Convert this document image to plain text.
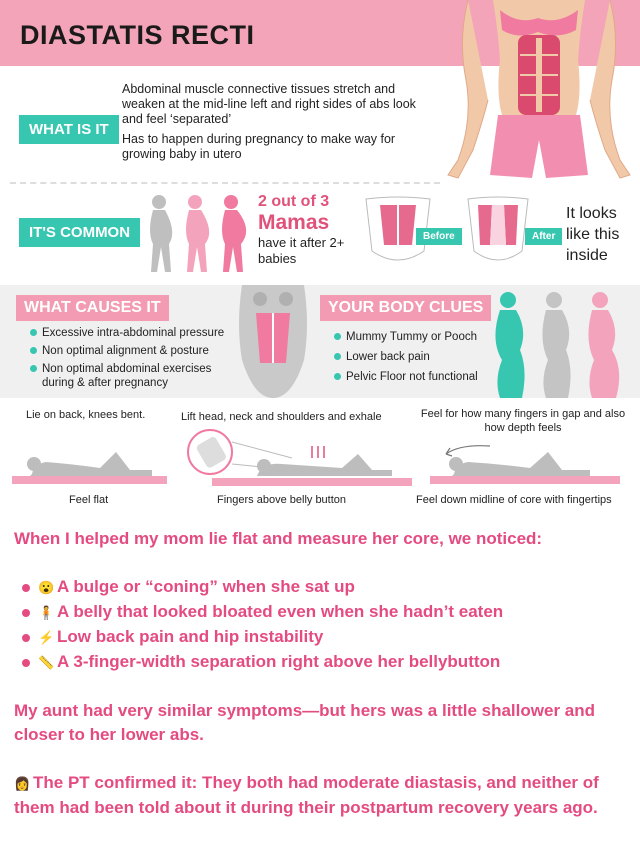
DIASTATIS RECTI
WHAT IS IT
Abdominal muscle connective tissues stretch and weaken at the mid-line left and right sides of abs look and feel ‘separated’
Has to happen during pregnancy to make way for growing baby in utero
IT'S COMMON
2 out of 3
Mamas
have it after 2+ babies
Before	After
It looks like this inside
WHAT CAUSES IT
Excessive intra-abdominal pressure
Non optimal alignment & posture
Non optimal abdominal exercises during & after pregnancy
YOUR BODY CLUES
Mummy Tummy or Pooch
Lower back pain
Pelvic Floor not functional
Lie on back, knees bent.	Lift head, neck and shoulders and exhale	Feel for how many fingers in gap and also how depth feels
Feel flat	Fingers above belly button	Feel down midline of core with fingertips
When I helped my mom lie flat and measure her core, we noticed:
😮 A bulge or “coning” when she sat up
🧍 A belly that looked bloated even when she hadn’t eaten
⚡ Low back pain and hip instability
📏 A 3-finger-width separation right above her bellybutton
My aunt had very similar symptoms—but hers was a little shallower and closer to her lower abs.
👩 The PT confirmed it: They both had moderate diastasis, and neither of them had been told about it during their postpartum recovery years ago.
